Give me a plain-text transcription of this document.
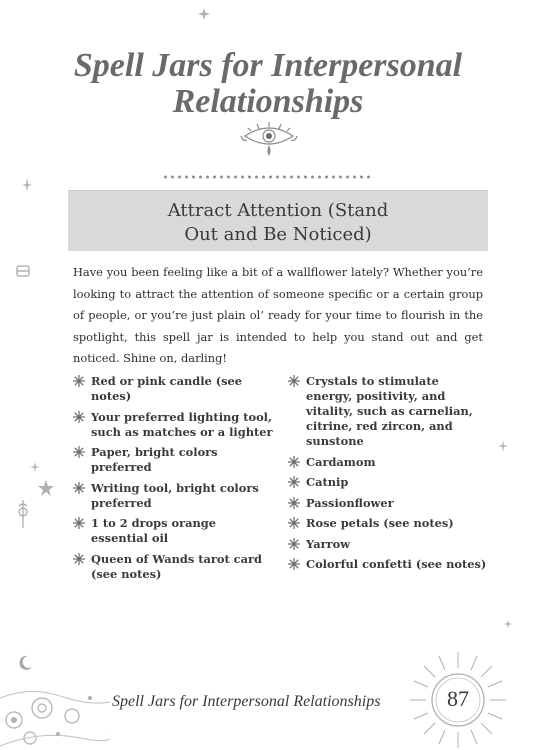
Spell Jars for Interpersonal Relationships
Attract Attention (Stand
Out and Be Noticed)

Have you been feeling like a bit of a wallflower lately? Whether you’re looking to attract the attention of someone specific or a certain group of people, or you’re just plain ol’ ready for your time to flourish in the spotlight, this spell jar is intended to help you stand out and get noticed. Shine on, darling!

Red or pink candle (see notes)
Your preferred lighting tool, such as matches or a lighter
Paper, bright colors preferred
Writing tool, bright colors preferred
1 to 2 drops orange essential oil
Queen of Wands tarot card (see notes)
Crystals to stimulate energy, positivity, and vitality, such as carnelian, citrine, red zircon, and sunstone
Cardamom
Catnip
Passionflower
Rose petals (see notes)
Yarrow
Colorful confetti (see notes)
Spell Jars for Interpersonal Relationships	87
